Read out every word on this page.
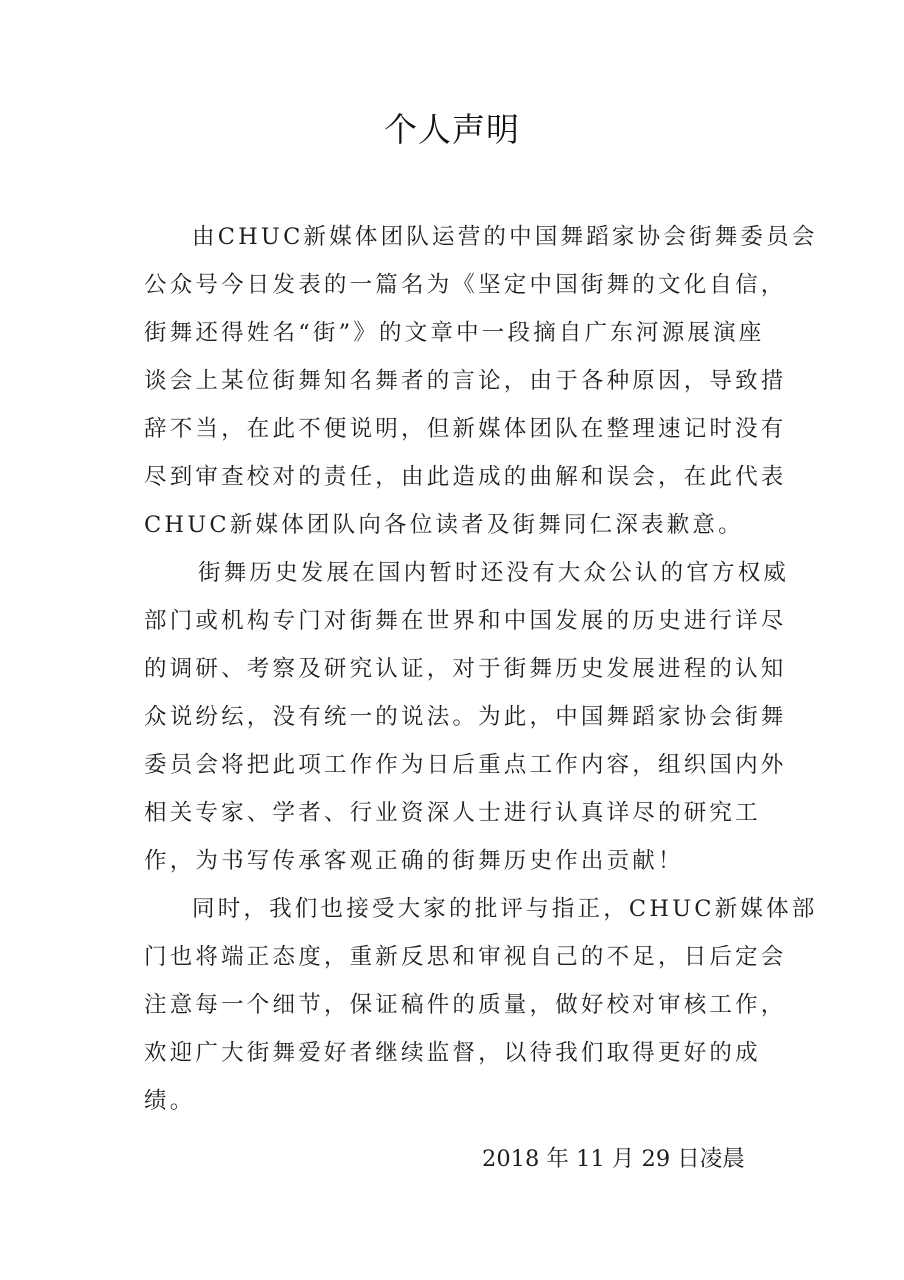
个人声明
由CHUC新媒体团队运营的中国舞蹈家协会街舞委员会
公众号今日发表的一篇名为《坚定中国街舞的文化自信，
街舞还得姓名“街”》的文章中一段摘自广东河源展演座
谈会上某位街舞知名舞者的言论，由于各种原因，导致措
辞不当，在此不便说明，但新媒体团队在整理速记时没有
尽到审查校对的责任，由此造成的曲解和误会，在此代表
CHUC新媒体团队向各位读者及街舞同仁深表歉意。
街舞历史发展在国内暂时还没有大众公认的官方权威
部门或机构专门对街舞在世界和中国发展的历史进行详尽
的调研、考察及研究认证，对于街舞历史发展进程的认知
众说纷纭，没有统一的说法。为此，中国舞蹈家协会街舞
委员会将把此项工作作为日后重点工作内容，组织国内外
相关专家、学者、行业资深人士进行认真详尽的研究工
作，为书写传承客观正确的街舞历史作出贡献！
同时，我们也接受大家的批评与指正，CHUC新媒体部
门也将端正态度，重新反思和审视自己的不足，日后定会
注意每一个细节，保证稿件的质量，做好校对审核工作，
欢迎广大街舞爱好者继续监督，以待我们取得更好的成
绩。
2018 年 11 月 29 日凌晨
